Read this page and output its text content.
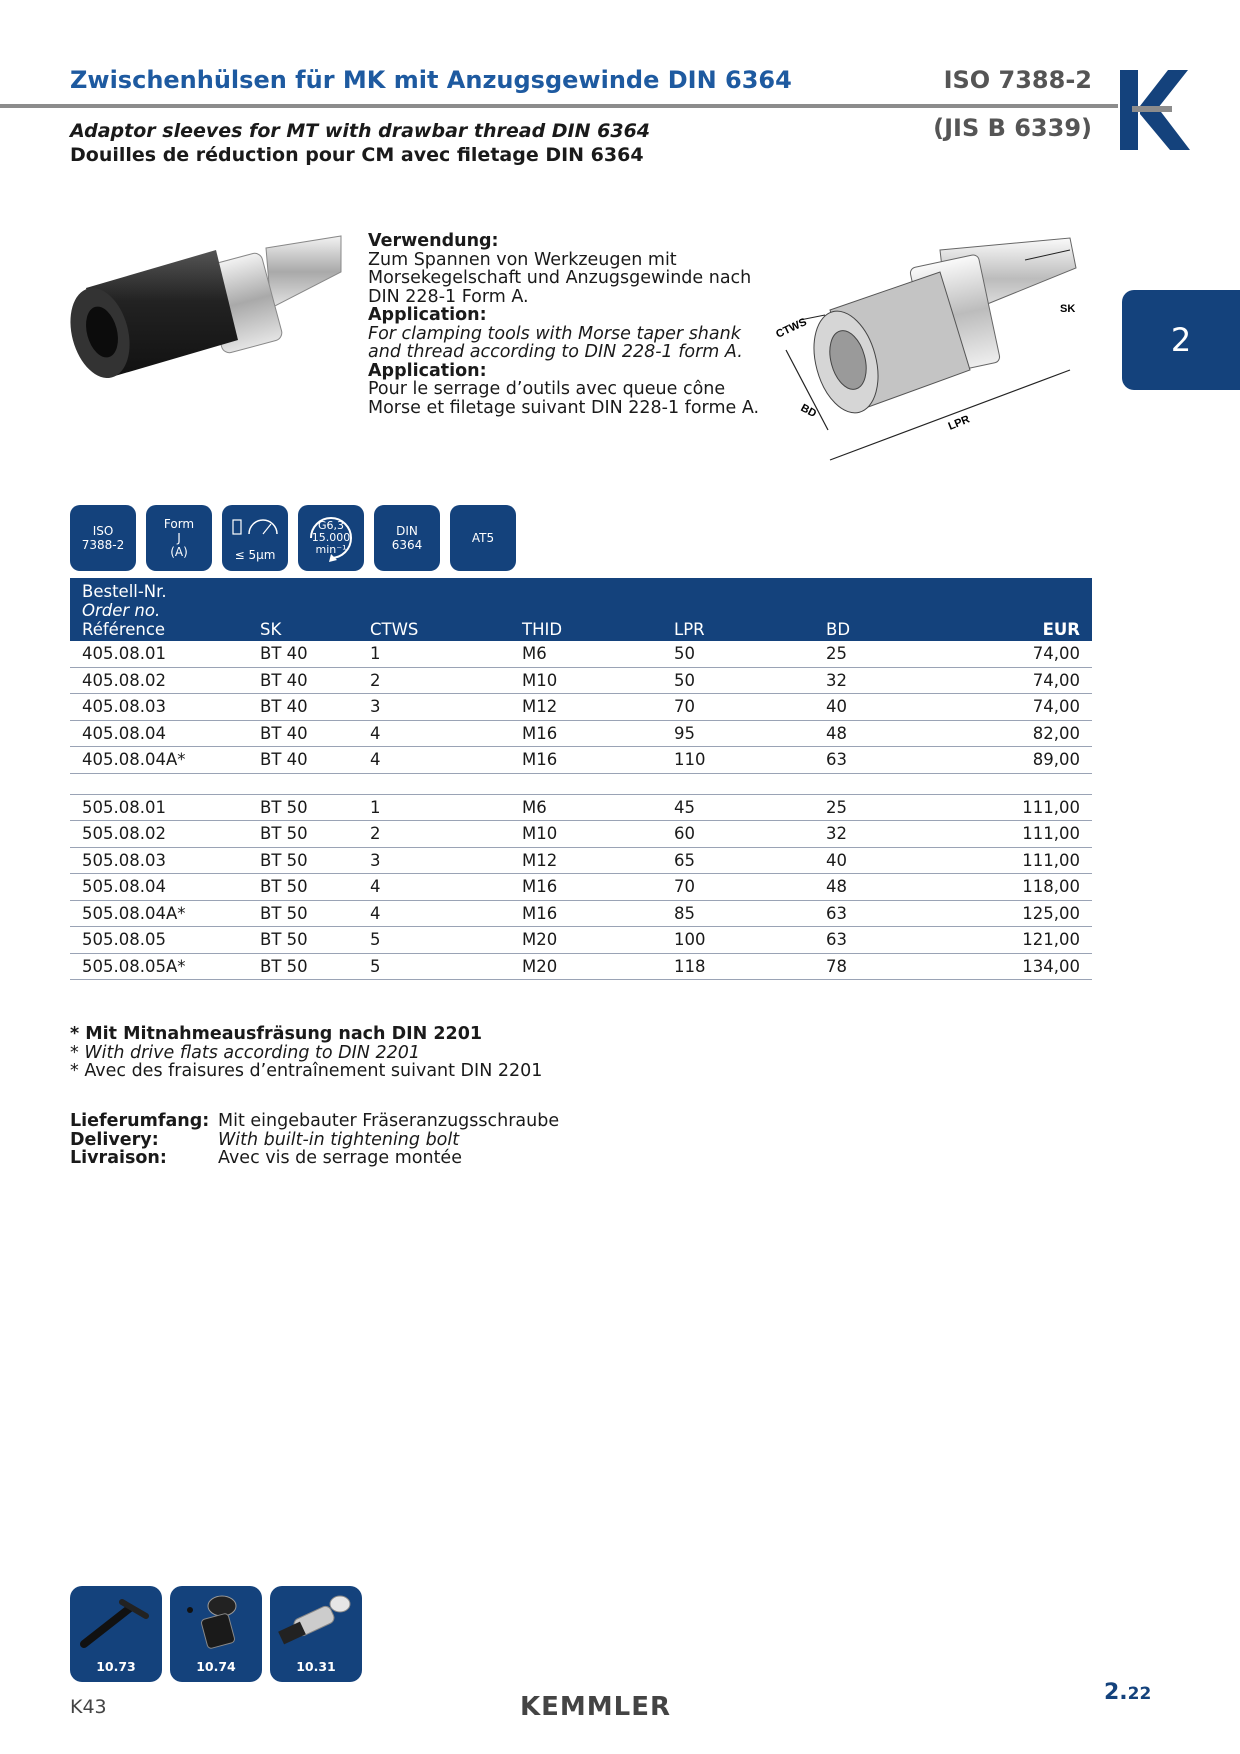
Zwischenhülsen für MK mit Anzugsgewinde DIN 6364	ISO 7388-2
(JIS B 6339)
Adaptor sleeves for MT with drawbar thread DIN 6364
Douilles de réduction pour CM avec filetage DIN 6364
2
Verwendung:
Zum Spannen von Werkzeugen mit Morsekegelschaft und Anzugsgewinde nach DIN 228-1 Form A.
Application:
For clamping tools with Morse taper shank and thread according to DIN 228-1 form A.
Application:
Pour le serrage d’outils avec queue cône Morse et filetage suivant DIN 228-1 forme A.
SK
CTWS
BD
LPR
ISO
7388-2
Form
J
(A)	≤ 5µm
G6,3
15.000
min⁻¹
DIN
6364	AT5
Bestell-Nr.
Order no.
Référence	SK	CTWS	THID	LPR	BD	EUR
405.08.01	BT 40	1	M6	50	25	74,00
405.08.02	BT 40	2	M10	50	32	74,00
405.08.03	BT 40	3	M12	70	40	74,00
405.08.04	BT 40	4	M16	95	48	82,00
405.08.04A*	BT 40	4	M16	110	63	89,00

505.08.01	BT 50	1	M6	45	25	111,00
505.08.02	BT 50	2	M10	60	32	111,00
505.08.03	BT 50	3	M12	65	40	111,00
505.08.04	BT 50	4	M16	70	48	118,00
505.08.04A*	BT 50	4	M16	85	63	125,00
505.08.05	BT 50	5	M20	100	63	121,00
505.08.05A*	BT 50	5	M20	118	78	134,00
* Mit Mitnahmeausfräsung nach DIN 2201
* With drive flats according to DIN 2201
* Avec des fraisures d’entraînement suivant DIN 2201
Lieferumfang: Mit eingebauter Fräseranzugsschraube
Delivery:	With built-in tightening bolt
Livraison:	Avec vis de serrage montée
10.73	10.74	10.31
K43	KEMMLER	2.22
